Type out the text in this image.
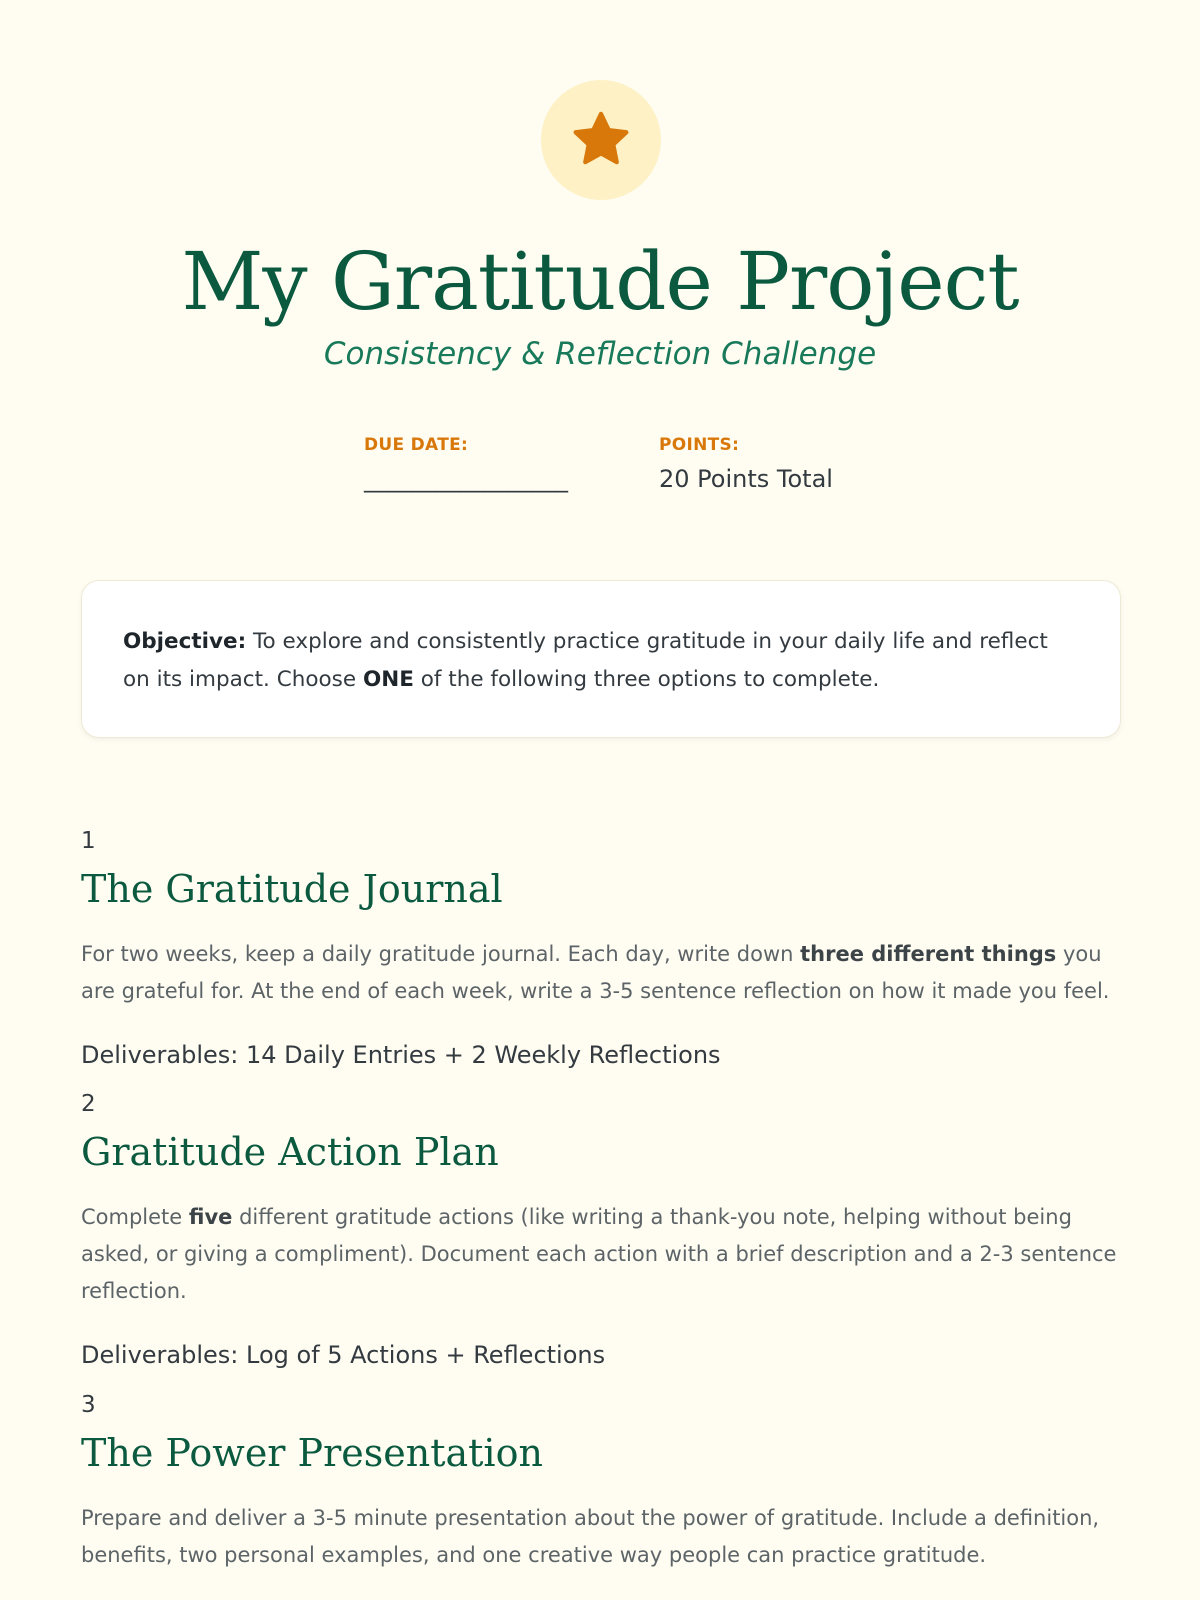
My Gratitude Project
Consistency & Reflection Challenge
DUE DATE:
_________________
POINTS:
20 Points Total

Objective: To explore and consistently practice gratitude in your daily life and reflect on its impact. Choose ONE of the following three options to complete.

1
The Gratitude Journal

For two weeks, keep a daily gratitude journal. Each day, write down three different things you are grateful for. At the end of each week, write a 3-5 sentence reflection on how it made you feel.

Deliverables: 14 Daily Entries + 2 Weekly Reflections
2
Gratitude Action Plan

Complete five different gratitude actions (like writing a thank-you note, helping without being asked, or giving a compliment). Document each action with a brief description and a 2-3 sentence reflection.

Deliverables: Log of 5 Actions + Reflections
3
The Power Presentation

Prepare and deliver a 3-5 minute presentation about the power of gratitude. Include a definition, benefits, two personal examples, and one creative way people can practice gratitude.
